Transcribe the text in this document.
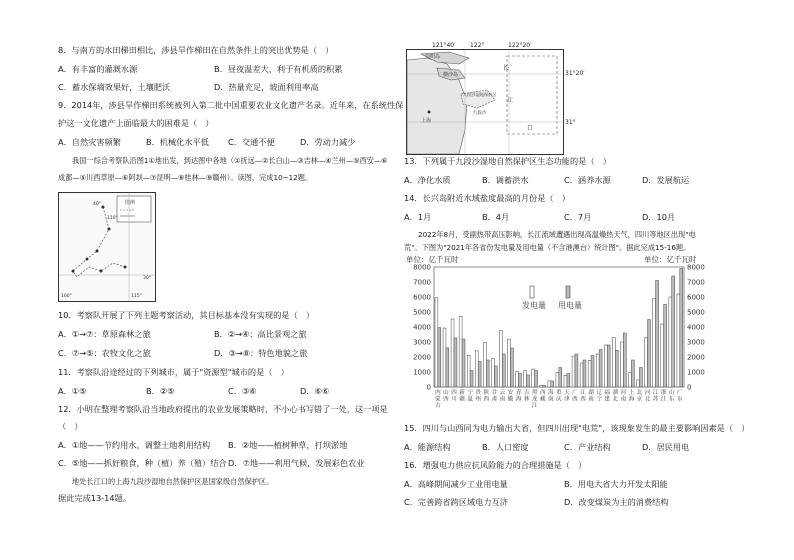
8．与南方的水田梯田相比，涉县旱作梯田在自然条件上的突出优势是（　）
A．有丰富的灌溉水源	B．昼夜温差大，利于有机质的积累
C．蓄水保墒效果好，土壤肥沃	D．热量充足，坡面利用率高
9．2014年，涉县旱作梯田系统被列入第二批中国重要农业文化遗产名录。近年来，在系统性保
护这一文化遗产上面临最大的困难是（　）
A．自然灾害频繁	B．机械化水平低 C．交通不便	D．劳动力减少
我国一综合考察队沿图1①地出发，到达图中各地（①抚远—②长白山—③吉林—④兰州—⑤西安—⑥
成都—⑤川西草原—⑥阿坝—⑦昆明—⑧桂林—⑨赣州）。读图，完成10~12题。
图例
40°
110°
30°
115°
100°
10．考察队开展了下列主题考察活动，其目标基本没有实现的是（　）
A．①→⑦：草原森林之旅	B．②→④：高比景观之旅
C．⑦→⑤：农牧文化之旅	D．③→⑧：特色地貌之旅
11．考察队沿途经过的下列城市，属于"资源型"城市的是（　）
A．①⑤	B．②⑤	C．③⑥	D．⑥⑥
12．小明在整理考察队沿当地政府提出的农业发展策略时，不小心书写错了一处，这一项是
（　）
A．①地——节约用水，调整土地利用结构 B．②地——植树种草，打坝淤地
C．⑤地——抓好粮食，种（植）养（殖）结合 D．⑦地——利用气候，发展彩色农业
地处长江口的上海九段沙湿地自然保护区是国家级自然保护区。
据此完成13-14题。
崇明岛
横沙岛
长
九段沙湿地保护区
九段沙
上海
江
口
121°40′ 122°	122°20′
31°20′
31°
13．下列属于九段沙湿地自然保护区生态功能的是（　）
A．净化水质	B．调蓄洪水	C．涵养水源	D．发展航运
14．长兴岛附近水域盐度最高的月份是（　）
A．1月	B．4月	C．7月	D．10月
2022年8月，受副热带高压影响，长江流域遭遇出现高温燥热天气，四川等地区出现"电
荒"。下图为"2021年各省份发电量及用电量（不含港澳台）统计图"。据此完成15-16题。
单位：亿千瓦时	单位：亿千瓦时
0	0
1000	1000
2000	2000
3000	3000
4000	4000
5000	5000
6000	6000
7000	7000
8000	8000
内
蒙
古
山
西
四
川
新
疆
宁
夏
贵
州
陕
西
甘
肃
云
南
安
徽
青
海
吉
林
黑
龙
江
西
藏
海
南
重
庆
天
津
广
西
江
西
湖
南
辽
宁
福
建
湖
北
河
南
上
海
北
京
河
北
江
苏
浙
江
山
东
广
东
发电量 用电量
15．四川与山西同为电力输出大省，但四川出现"电荒"，该现象发生的最主要影响因素是（　）
A．能源结构	B．人口密度	C．产业结构	D．居民用电
16．增强电力供应抗风险能力的合理措施是（　）
A．高峰期间减少工业用电量	B．用电大省大力开发太阳能
C．完善跨省跨区域电力互济	D．改变煤炭为主的消费结构
